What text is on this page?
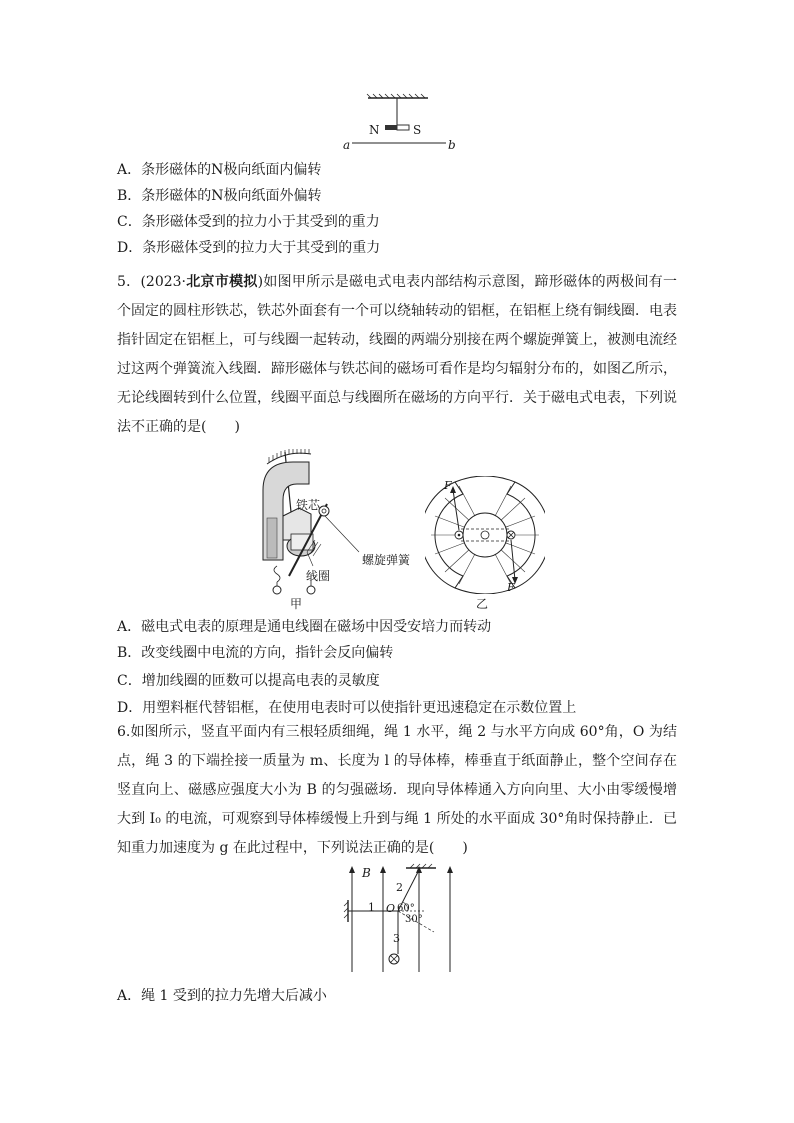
N	S
a	b
A．条形磁体的N极向纸面内偏转
B．条形磁体的N极向纸面外偏转
C．条形磁体受到的拉力小于其受到的重力
D．条形磁体受到的拉力大于其受到的重力
5．(2023·北京市模拟)如图甲所示是磁电式电表内部结构示意图，蹄形磁体的两极间有一个固定的圆柱形铁芯，铁芯外面套有一个可以绕轴转动的铝框，在铝框上绕有铜线圈．电表指针固定在铝框上，可与线圈一起转动，线圈的两端分别接在两个螺旋弹簧上，被测电流经过这两个弹簧流入线圈．蹄形磁体与铁芯间的磁场可看作是均匀辐射分布的，如图乙所示，无论线圈转到什么位置，线圈平面总与线圈所在磁场的方向平行．关于磁电式电表，下列说法不正确的是(　　)
铁芯
螺旋弹簧
线圈
甲
F
F
乙
A．磁电式电表的原理是通电线圈在磁场中因受安培力而转动
B．改变线圈中电流的方向，指针会反向偏转
C．增加线圈的匝数可以提高电表的灵敏度
D．用塑料框代替铝框，在使用电表时可以使指针更迅速稳定在示数位置上
6.如图所示，竖直平面内有三根轻质细绳，绳 1 水平，绳 2 与水平方向成 60°角，O 为结点，绳 3 的下端拴接一质量为 m、长度为 l 的导体棒，棒垂直于纸面静止，整个空间存在竖直向上、磁感应强度大小为 B 的匀强磁场．现向导体棒通入方向向里、大小由零缓慢增大到 I₀ 的电流，可观察到导体棒缓慢上升到与绳 1 所处的水平面成 30°角时保持静止．已知重力加速度为 g 在此过程中，下列说法正确的是(　　)
B
1
2
3
O 60°
30°
A．绳 1 受到的拉力先增大后减小
